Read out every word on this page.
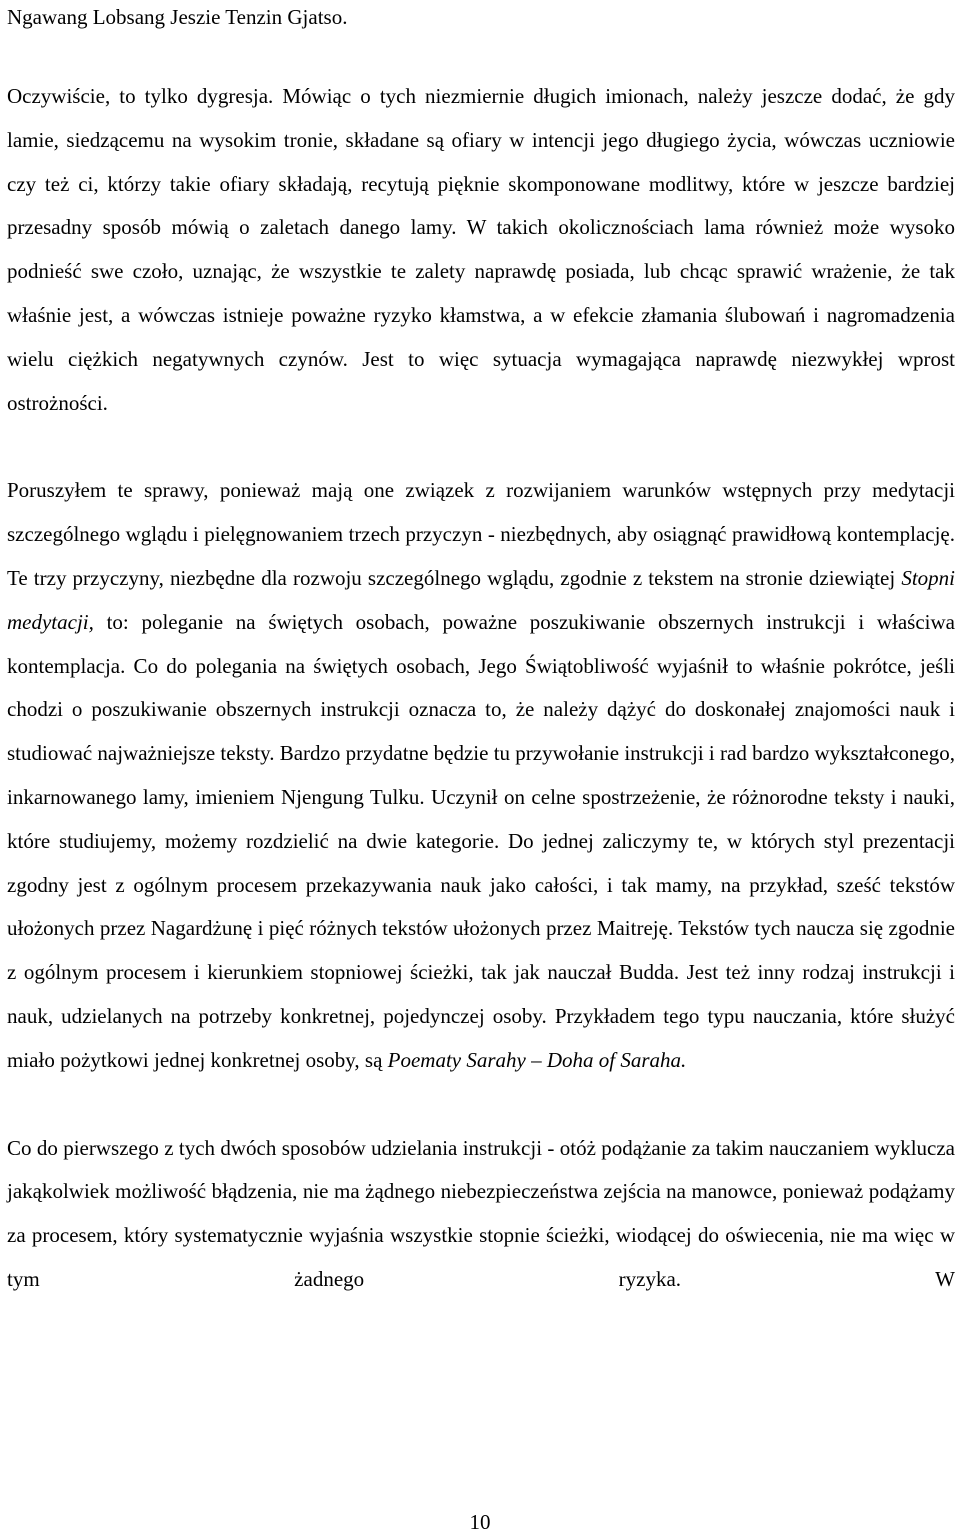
Ngawang Lobsang Jeszie Tenzin Gjatso.

Oczywiście, to tylko dygresja. Mówiąc o tych niezmiernie długich imionach, należy jeszcze dodać, że gdy lamie, siedzącemu na wysokim tronie, składane są ofiary w intencji jego długiego życia, wówczas uczniowie czy też ci, którzy takie ofiary składają, recytują pięknie skomponowane modlitwy, które w jeszcze bardziej przesadny sposób mówią o zaletach danego lamy. W takich okolicznościach lama również może wysoko podnieść swe czoło, uznając, że wszystkie te zalety naprawdę posiada, lub chcąc sprawić wrażenie, że tak właśnie jest, a wówczas istnieje poważne ryzyko kłamstwa, a w efekcie złamania ślubowań i nagromadzenia wielu ciężkich negatywnych czynów. Jest to więc sytuacja wymagająca naprawdę niezwykłej wprost ostrożności.

Poruszyłem te sprawy, ponieważ mają one związek z rozwijaniem warunków wstępnych przy medytacji szczególnego wglądu i pielęgnowaniem trzech przyczyn - niezbędnych, aby osiągnąć prawidłową kontemplację. Te trzy przyczyny, niezbędne dla rozwoju szczególnego wglądu, zgodnie z tekstem na stronie dziewiątej Stopni medytacji, to: poleganie na świętych osobach, poważne poszukiwanie obszernych instrukcji i właściwa kontemplacja. Co do polegania na świętych osobach, Jego Świątobliwość wyjaśnił to właśnie pokrótce, jeśli chodzi o poszukiwanie obszernych instrukcji oznacza to, że należy dążyć do doskonałej znajomości nauk i studiować najważniejsze teksty. Bardzo przydatne będzie tu przywołanie instrukcji i rad bardzo wykształconego, inkarnowanego lamy, imieniem Njengung Tulku. Uczynił on celne spostrzeżenie, że różnorodne teksty i nauki, które studiujemy, możemy rozdzielić na dwie kategorie. Do jednej zaliczymy te, w których styl prezentacji zgodny jest z ogólnym procesem przekazywania nauk jako całości, i tak mamy, na przykład, sześć tekstów ułożonych przez Nagardżunę i pięć różnych tekstów ułożonych przez Maitreję. Tekstów tych naucza się zgodnie z ogólnym procesem i kierunkiem stopniowej ścieżki, tak jak nauczał Budda. Jest też inny rodzaj instrukcji i nauk, udzielanych na potrzeby konkretnej, pojedynczej osoby. Przykładem tego typu nauczania, które służyć miało pożytkowi jednej konkretnej osoby, są Poematy Sarahy – Doha of Saraha.

Co do pierwszego z tych dwóch sposobów udzielania instrukcji - otóż podążanie za takim nauczaniem wyklucza jakąkolwiek możliwość błądzenia, nie ma żądnego niebezpieczeństwa zejścia na manowce, ponieważ podążamy za procesem, który systematycznie wyjaśnia wszystkie stopnie ścieżki, wiodącej do oświecenia, nie ma więc w tym żadnego ryzyka. W

10
